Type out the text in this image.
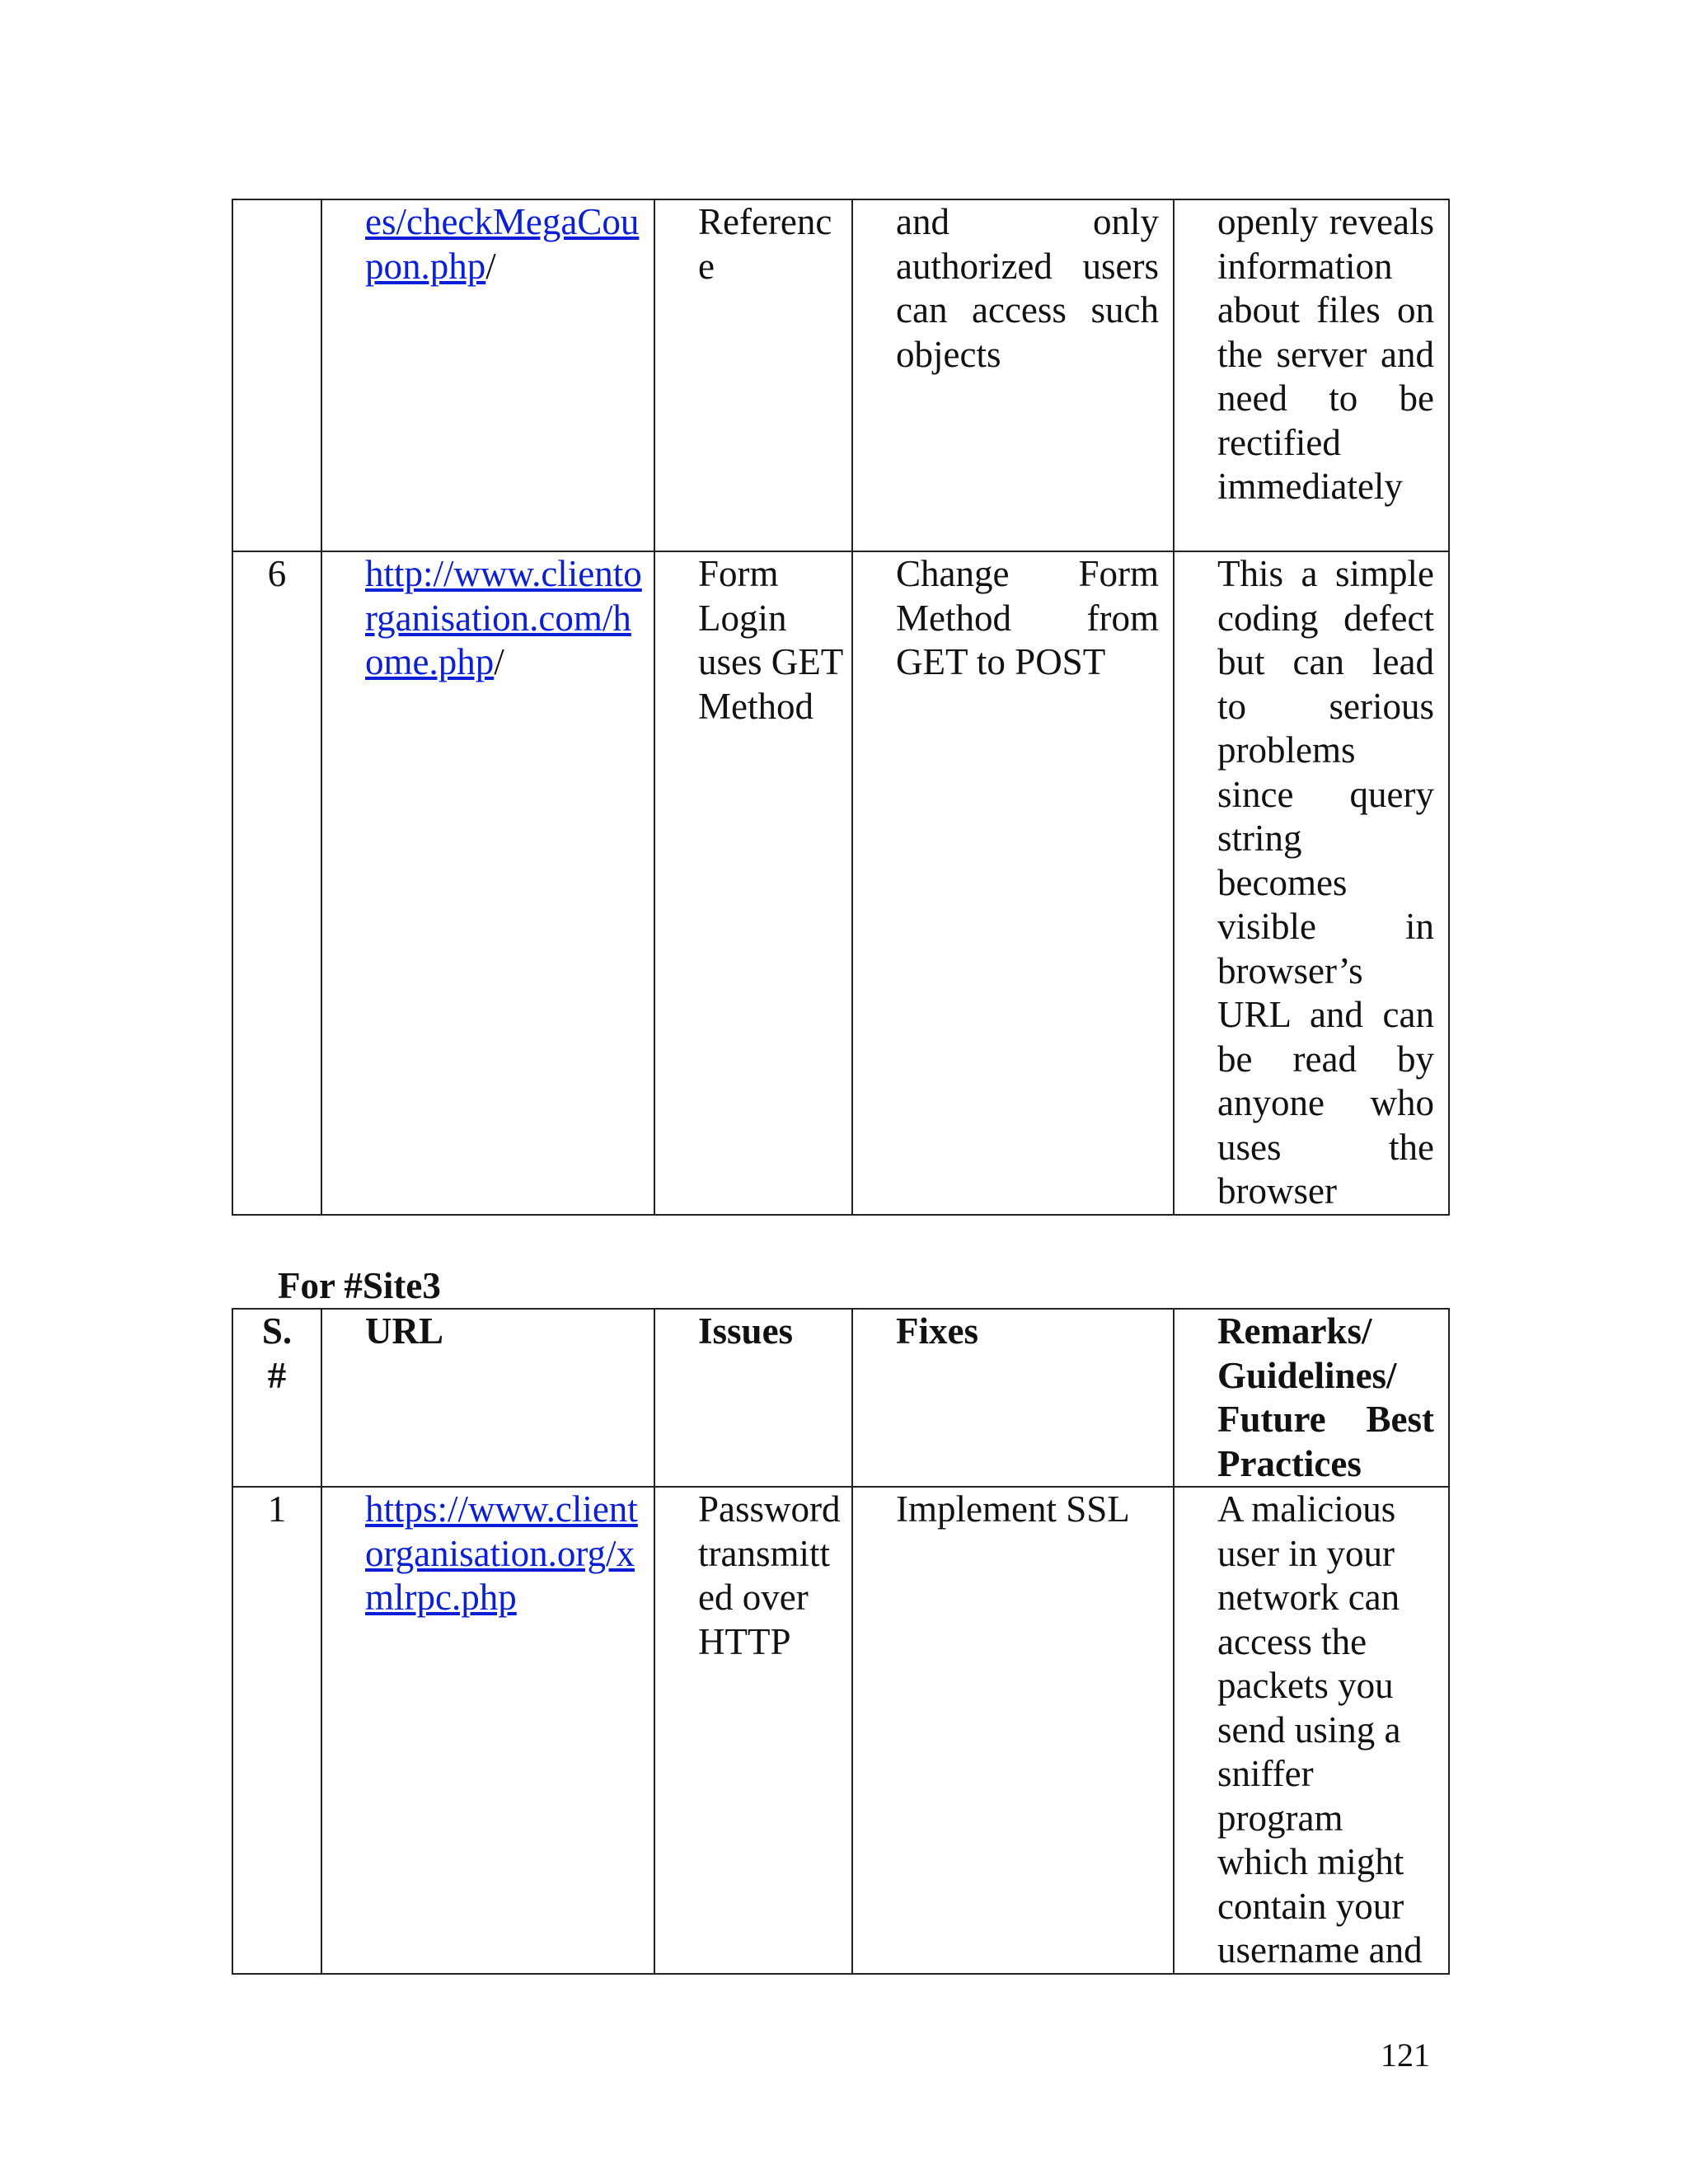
	es/checkMegaCoupon.php/	Reference	and only authorized users can access such objects	openly reveals information about files on the server and need to be rectified immediately
6	http://www.clientorganisation.com/home.php/	Form Login uses GET Method	Change Form Method from GET to POST	This a simple coding defect but can lead to serious problems since query string becomes visible in browser’s URL and can be read by anyone who uses the browser
For #Site3
S.#	URL	Issues	Fixes	Remarks/ Guidelines/ Future Best Practices
1	https://www.clientorganisation.org/xmlrpc.php	Password transmitted over HTTP	Implement SSL	A malicious user in your network can access the packets you send using a sniffer program which might contain your username and
121
